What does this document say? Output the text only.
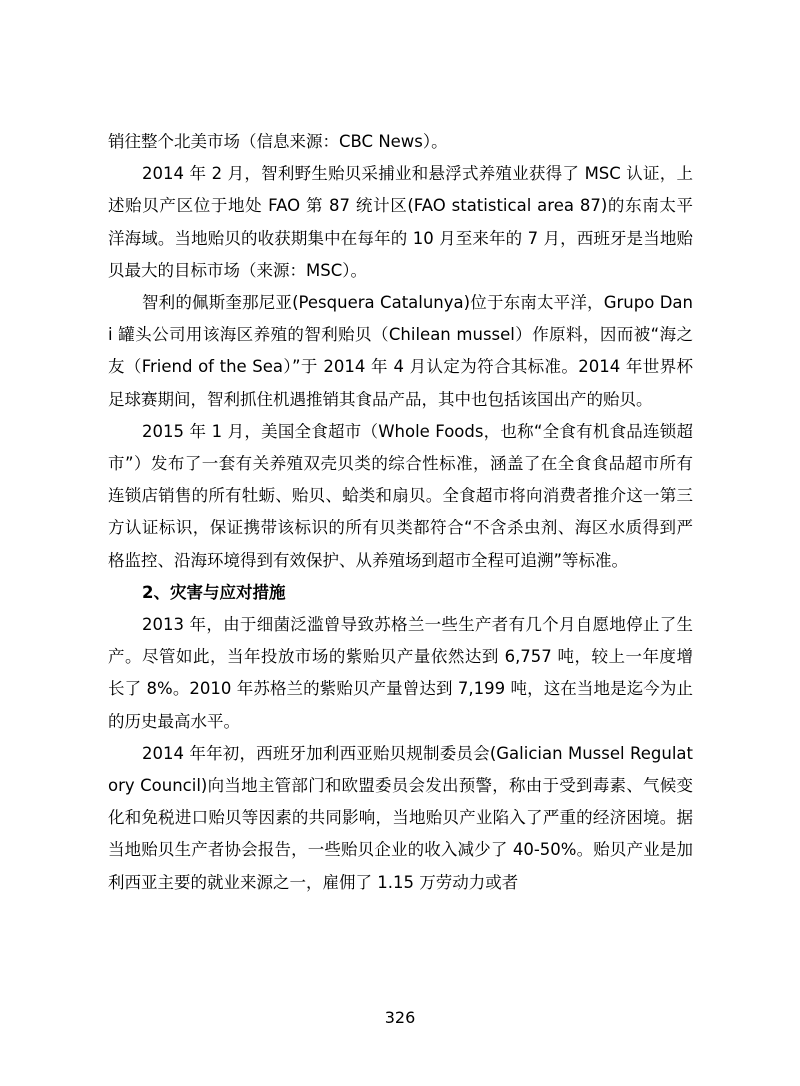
销往整个北美市场（信息来源：CBC News）。

2014 年 2 月，智利野生贻贝采捕业和悬浮式养殖业获得了 MSC 认证，上述贻贝产区位于地处 FAO 第 87 统计区(FAO statistical area 87)的东南太平洋海域。当地贻贝的收获期集中在每年的 10 月至来年的 7 月，西班牙是当地贻贝最大的目标市场（来源：MSC）。

智利的佩斯奎那尼亚(Pesquera Catalunya)位于东南太平洋，Grupo Dani 罐头公司用该海区养殖的智利贻贝（Chilean mussel）作原料，因而被“海之友（Friend of the Sea）”于 2014 年 4 月认定为符合其标准。2014 年世界杯足球赛期间，智利抓住机遇推销其食品产品，其中也包括该国出产的贻贝。

2015 年 1 月，美国全食超市（Whole Foods，也称“全食有机食品连锁超市”）发布了一套有关养殖双壳贝类的综合性标准，涵盖了在全食食品超市所有连锁店销售的所有牡蛎、贻贝、蛤类和扇贝。全食超市将向消费者推介这一第三方认证标识，保证携带该标识的所有贝类都符合“不含杀虫剂、海区水质得到严格监控、沿海环境得到有效保护、从养殖场到超市全程可追溯”等标准。

2、灾害与应对措施

2013 年，由于细菌泛滥曾导致苏格兰一些生产者有几个月自愿地停止了生产。尽管如此，当年投放市场的紫贻贝产量依然达到 6,757 吨，较上一年度增长了 8%。2010 年苏格兰的紫贻贝产量曾达到 7,199 吨，这在当地是迄今为止的历史最高水平。

2014 年年初，西班牙加利西亚贻贝规制委员会(Galician Mussel Regulatory Council)向当地主管部门和欧盟委员会发出预警，称由于受到毒素、气候变化和免税进口贻贝等因素的共同影响，当地贻贝产业陷入了严重的经济困境。据当地贻贝生产者协会报告，一些贻贝企业的收入减少了 40-50%。贻贝产业是加利西亚主要的就业来源之一，雇佣了 1.15 万劳动力或者

326
